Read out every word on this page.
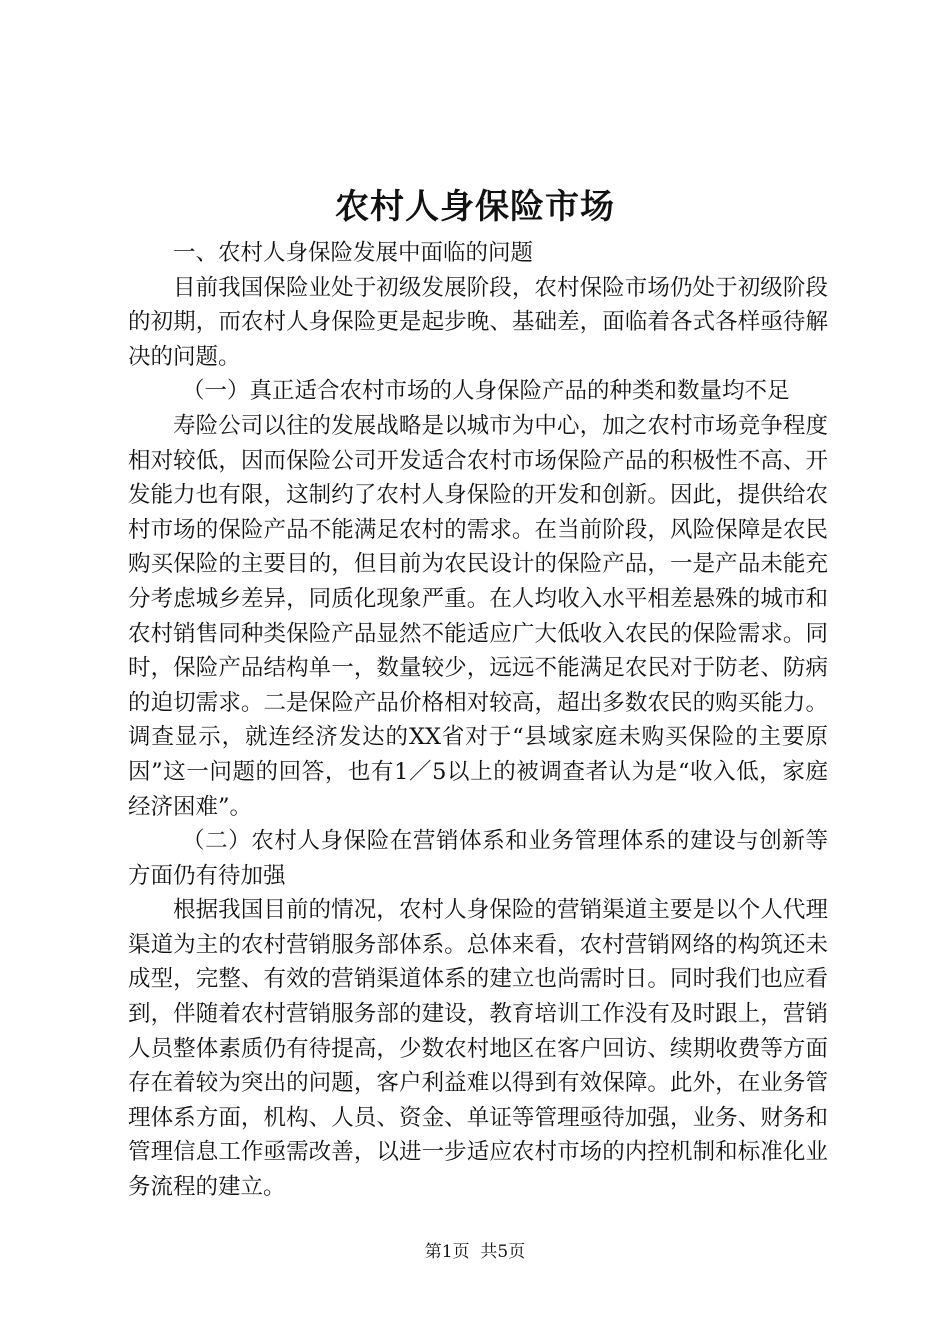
农村人身保险市场

一、农村人身保险发展中面临的问题

目前我国保险业处于初级发展阶段，农村保险市场仍处于初级阶段的初期，而农村人身保险更是起步晚、基础差，面临着各式各样亟待解决的问题。

（一）真正适合农村市场的人身保险产品的种类和数量均不足

寿险公司以往的发展战略是以城市为中心，加之农村市场竞争程度相对较低，因而保险公司开发适合农村市场保险产品的积极性不高、开发能力也有限，这制约了农村人身保险的开发和创新。因此，提供给农村市场的保险产品不能满足农村的需求。在当前阶段，风险保障是农民购买保险的主要目的，但目前为农民设计的保险产品，一是产品未能充分考虑城乡差异，同质化现象严重。在人均收入水平相差悬殊的城市和农村销售同种类保险产品显然不能适应广大低收入农民的保险需求。同时，保险产品结构单一，数量较少，远远不能满足农民对于防老、防病的迫切需求。二是保险产品价格相对较高，超出多数农民的购买能力。调查显示，就连经济发达的XX省对于“县域家庭未购买保险的主要原因”这一问题的回答，也有1／5以上的被调查者认为是“收入低，家庭经济困难”。

（二）农村人身保险在营销体系和业务管理体系的建设与创新等方面仍有待加强

根据我国目前的情况，农村人身保险的营销渠道主要是以个人代理渠道为主的农村营销服务部体系。总体来看，农村营销网络的构筑还未成型，完整、有效的营销渠道体系的建立也尚需时日。同时我们也应看到，伴随着农村营销服务部的建设，教育培训工作没有及时跟上，营销人员整体素质仍有待提高，少数农村地区在客户回访、续期收费等方面存在着较为突出的问题，客户利益难以得到有效保障。此外，在业务管理体系方面，机构、人员、资金、单证等管理亟待加强，业务、财务和管理信息工作亟需改善，以进一步适应农村市场的内控机制和标准化业务流程的建立。

第1页 共5页
